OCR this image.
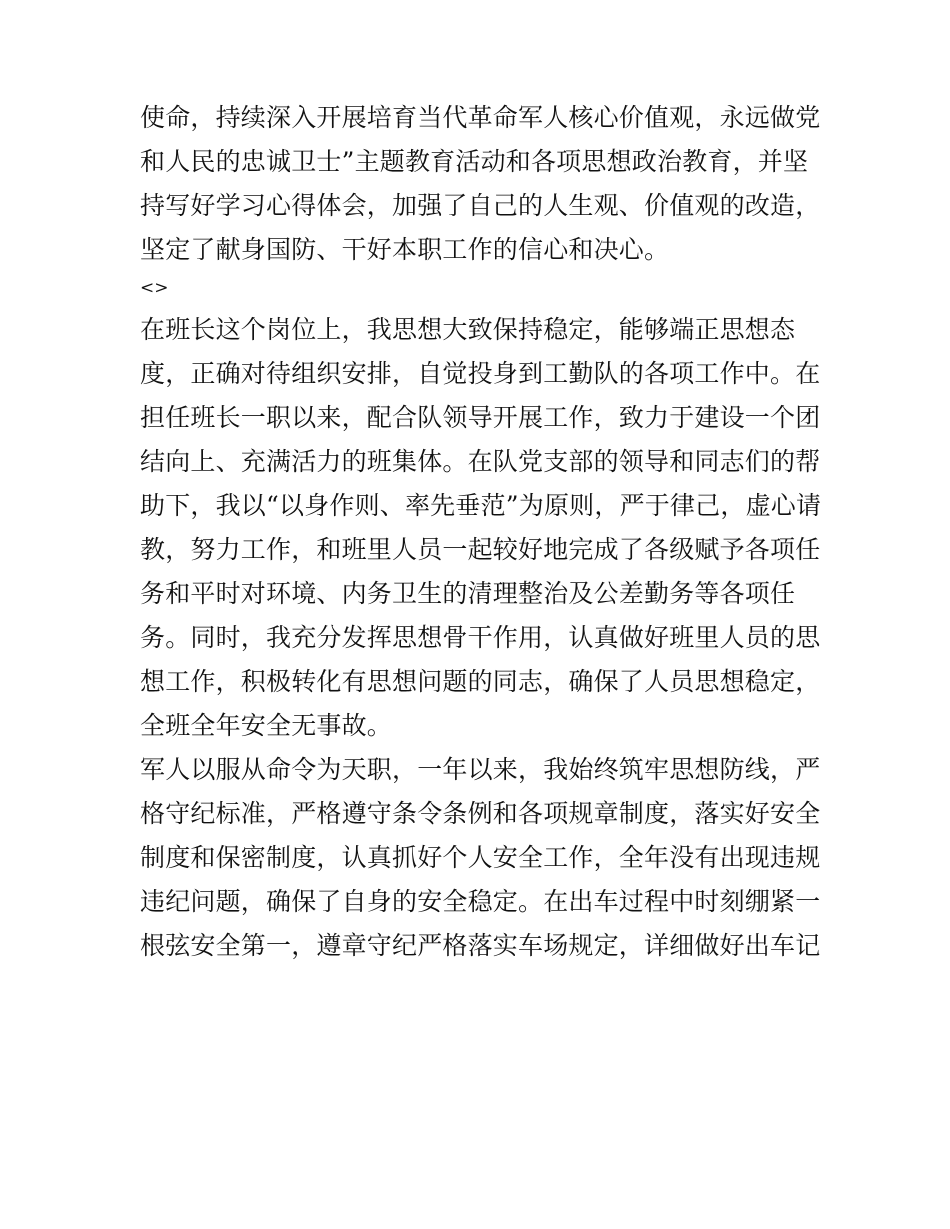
使命，持续深入开展培育当代革命军人核心价值观，永远做党
和人民的忠诚卫士”主题教育活动和各项思想政治教育，并坚
持写好学习心得体会，加强了自己的人生观、价值观的改造，
坚定了献身国防、干好本职工作的信心和决心。
<>
在班长这个岗位上，我思想大致保持稳定，能够端正思想态
度，正确对待组织安排，自觉投身到工勤队的各项工作中。在
担任班长一职以来，配合队领导开展工作，致力于建设一个团
结向上、充满活力的班集体。在队党支部的领导和同志们的帮
助下，我以“以身作则、率先垂范”为原则，严于律己，虚心请
教，努力工作，和班里人员一起较好地完成了各级赋予各项任
务和平时对环境、内务卫生的清理整治及公差勤务等各项任
务。同时，我充分发挥思想骨干作用，认真做好班里人员的思
想工作，积极转化有思想问题的同志，确保了人员思想稳定，
全班全年安全无事故。
军人以服从命令为天职，一年以来，我始终筑牢思想防线，严
格守纪标准，严格遵守条令条例和各项规章制度，落实好安全
制度和保密制度，认真抓好个人安全工作，全年没有出现违规
违纪问题，确保了自身的安全稳定。在出车过程中时刻绷紧一
根弦安全第一，遵章守纪严格落实车场规定，详细做好出车记
